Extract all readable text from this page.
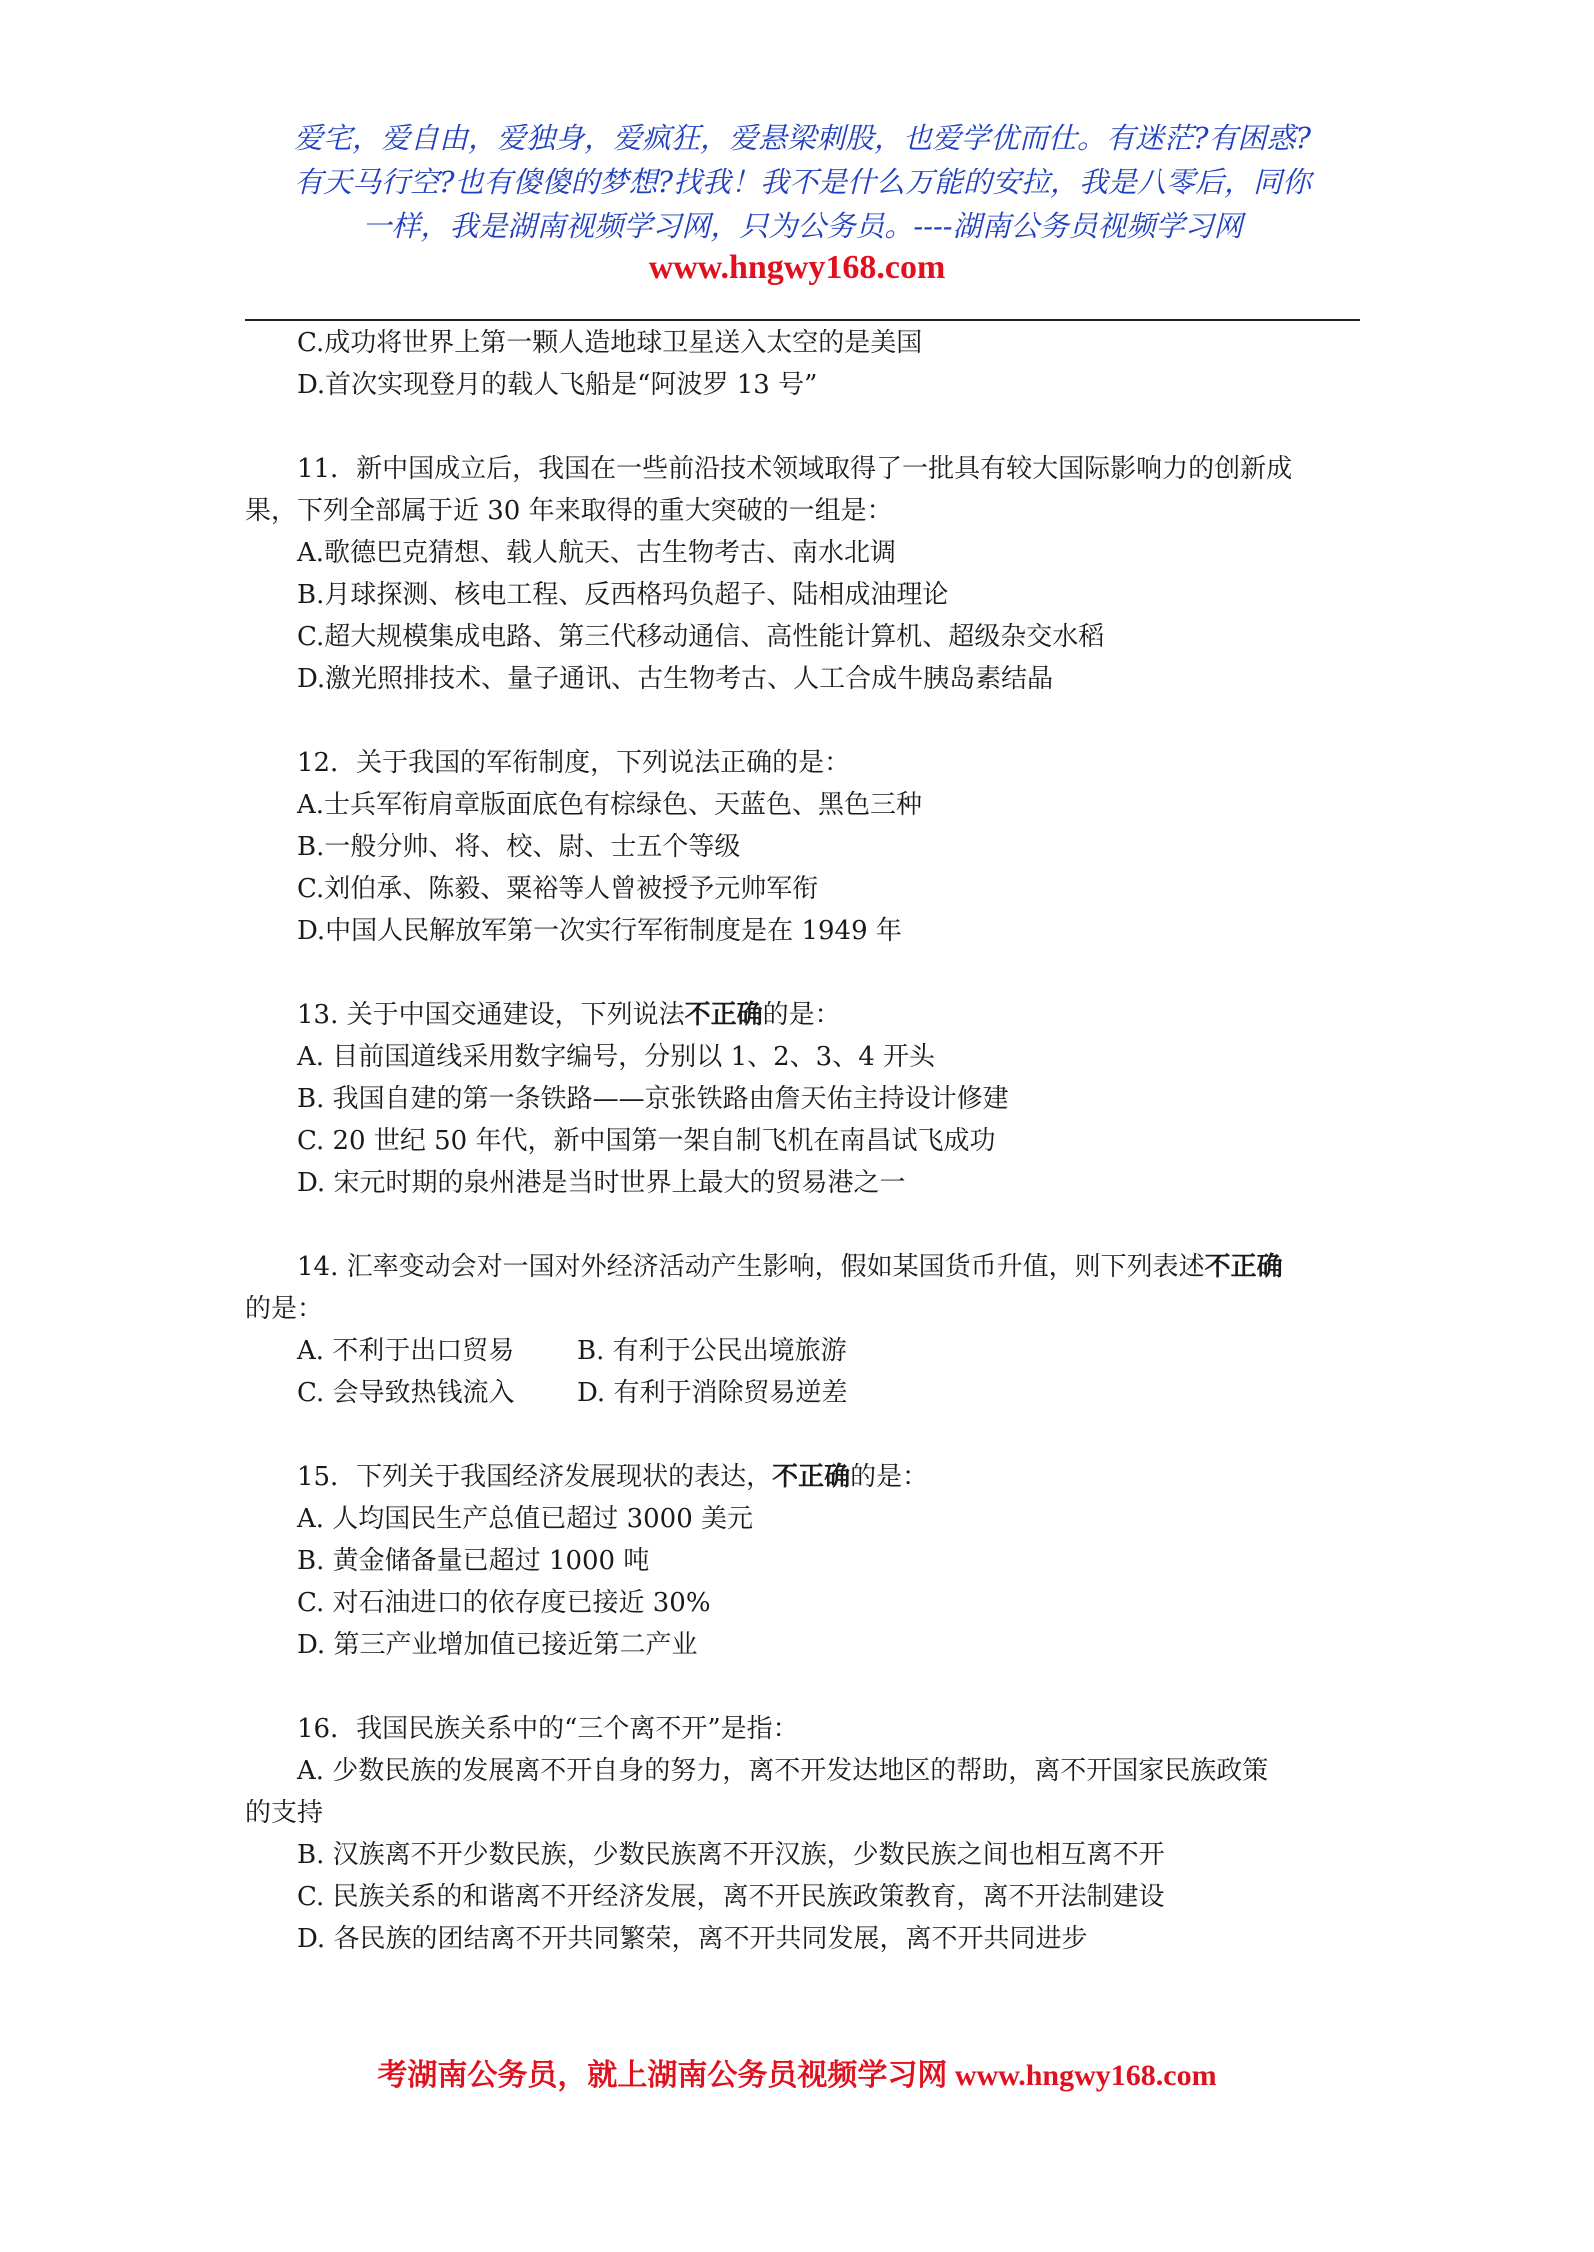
爱宅，爱自由，爱独身，爱疯狂，爱悬梁刺股，也爱学优而仕。有迷茫?有困惑?
有天马行空?也有傻傻的梦想?找我！我不是什么万能的安拉，我是八零后，同你
一样，我是湖南视频学习网，只为公务员。----湖南公务员视频学习网
www.hngwy168.com
C.成功将世界上第一颗人造地球卫星送入太空的是美国
D.首次实现登月的载人飞船是“阿波罗 13 号”
11．新中国成立后，我国在一些前沿技术领域取得了一批具有较大国际影响力的创新成
果，下列全部属于近 30 年来取得的重大突破的一组是：
A.歌德巴克猜想、载人航天、古生物考古、南水北调
B.月球探测、核电工程、反西格玛负超子、陆相成油理论
C.超大规模集成电路、第三代移动通信、高性能计算机、超级杂交水稻
D.激光照排技术、量子通讯、古生物考古、人工合成牛胰岛素结晶
12．关于我国的军衔制度，下列说法正确的是：
A.士兵军衔肩章版面底色有棕绿色、天蓝色、黑色三种
B.一般分帅、将、校、尉、士五个等级
C.刘伯承、陈毅、粟裕等人曾被授予元帅军衔
D.中国人民解放军第一次实行军衔制度是在 1949 年
13. 关于中国交通建设，下列说法不正确的是：
A. 目前国道线采用数字编号，分别以 1、2、3、4 开头
B. 我国自建的第一条铁路——京张铁路由詹天佑主持设计修建
C. 20 世纪 50 年代，新中国第一架自制飞机在南昌试飞成功
D. 宋元时期的泉州港是当时世界上最大的贸易港之一
14. 汇率变动会对一国对外经济活动产生影响，假如某国货币升值，则下列表述不正确
的是：
A. 不利于出口贸易 B. 有利于公民出境旅游
C. 会导致热钱流入 D. 有利于消除贸易逆差
15．下列关于我国经济发展现状的表达，不正确的是：
A. 人均国民生产总值已超过 3000 美元
B. 黄金储备量已超过 1000 吨
C. 对石油进口的依存度已接近 30%
D. 第三产业增加值已接近第二产业
16．我国民族关系中的“三个离不开”是指：
A. 少数民族的发展离不开自身的努力，离不开发达地区的帮助，离不开国家民族政策
的支持
B. 汉族离不开少数民族，少数民族离不开汉族，少数民族之间也相互离不开
C. 民族关系的和谐离不开经济发展，离不开民族政策教育，离不开法制建设
D. 各民族的团结离不开共同繁荣，离不开共同发展，离不开共同进步
考湖南公务员，就上湖南公务员视频学习网 www.hngwy168.com
